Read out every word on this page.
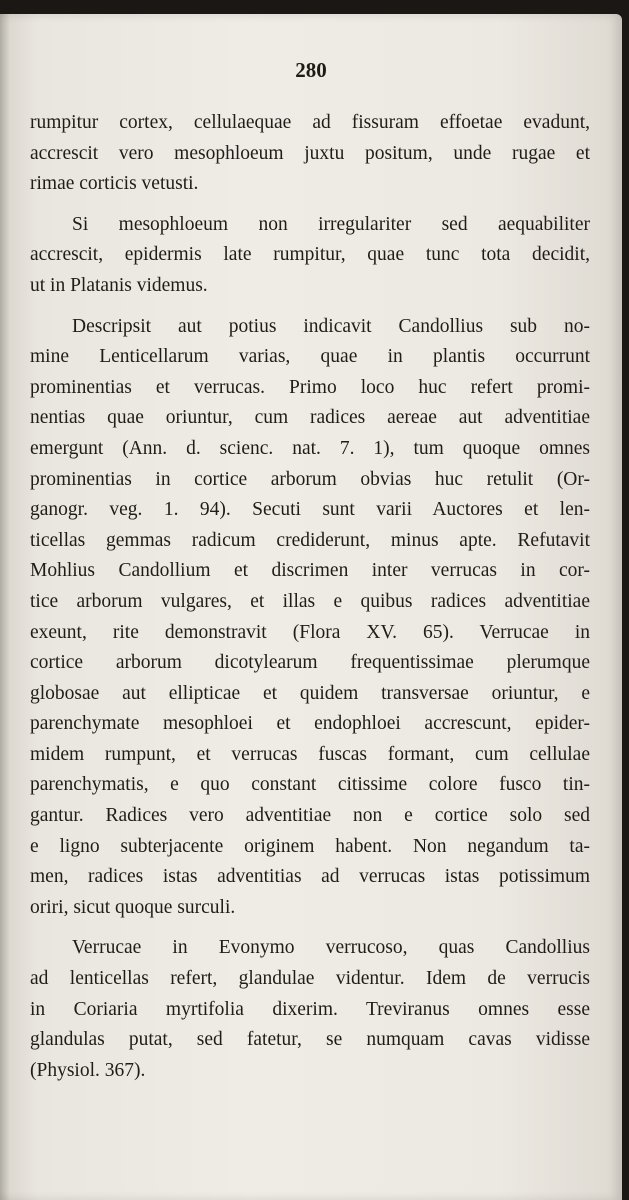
280
rumpitur cortex, cellulaequae ad fissuram effoetae evadunt,
accrescit vero mesophloeum juxtu positum, unde rugae et
rimae corticis vetusti.
Si mesophloeum non irregulariter sed aequabiliter
accrescit, epidermis late rumpitur, quae tunc tota decidit,
ut in Platanis videmus.
Descripsit aut potius indicavit Candollius sub no-
mine Lenticellarum varias, quae in plantis occurrunt
prominentias et verrucas. Primo loco huc refert promi-
nentias quae oriuntur, cum radices aereae aut adventitiae
emergunt (Ann. d. scienc. nat. 7. 1), tum quoque omnes
prominentias in cortice arborum obvias huc retulit (Or-
ganogr. veg. 1. 94). Secuti sunt varii Auctores et len-
ticellas gemmas radicum crediderunt, minus apte. Refutavit
Mohlius Candollium et discrimen inter verrucas in cor-
tice arborum vulgares, et illas e quibus radices adventitiae
exeunt, rite demonstravit (Flora XV. 65). Verrucae in
cortice arborum dicotylearum frequentissimae plerumque
globosae aut ellipticae et quidem transversae oriuntur, e
parenchymate mesophloei et endophloei accrescunt, epider-
midem rumpunt, et verrucas fuscas formant, cum cellulae
parenchymatis, e quo constant citissime colore fusco tin-
gantur. Radices vero adventitiae non e cortice solo sed
e ligno subterjacente originem habent. Non negandum ta-
men, radices istas adventitias ad verrucas istas potissimum
oriri, sicut quoque surculi.
Verrucae in Evonymo verrucoso, quas Candollius
ad lenticellas refert, glandulae videntur. Idem de verrucis
in Coriaria myrtifolia dixerim. Treviranus omnes esse
glandulas putat, sed fatetur, se numquam cavas vidisse
(Physiol. 367).
